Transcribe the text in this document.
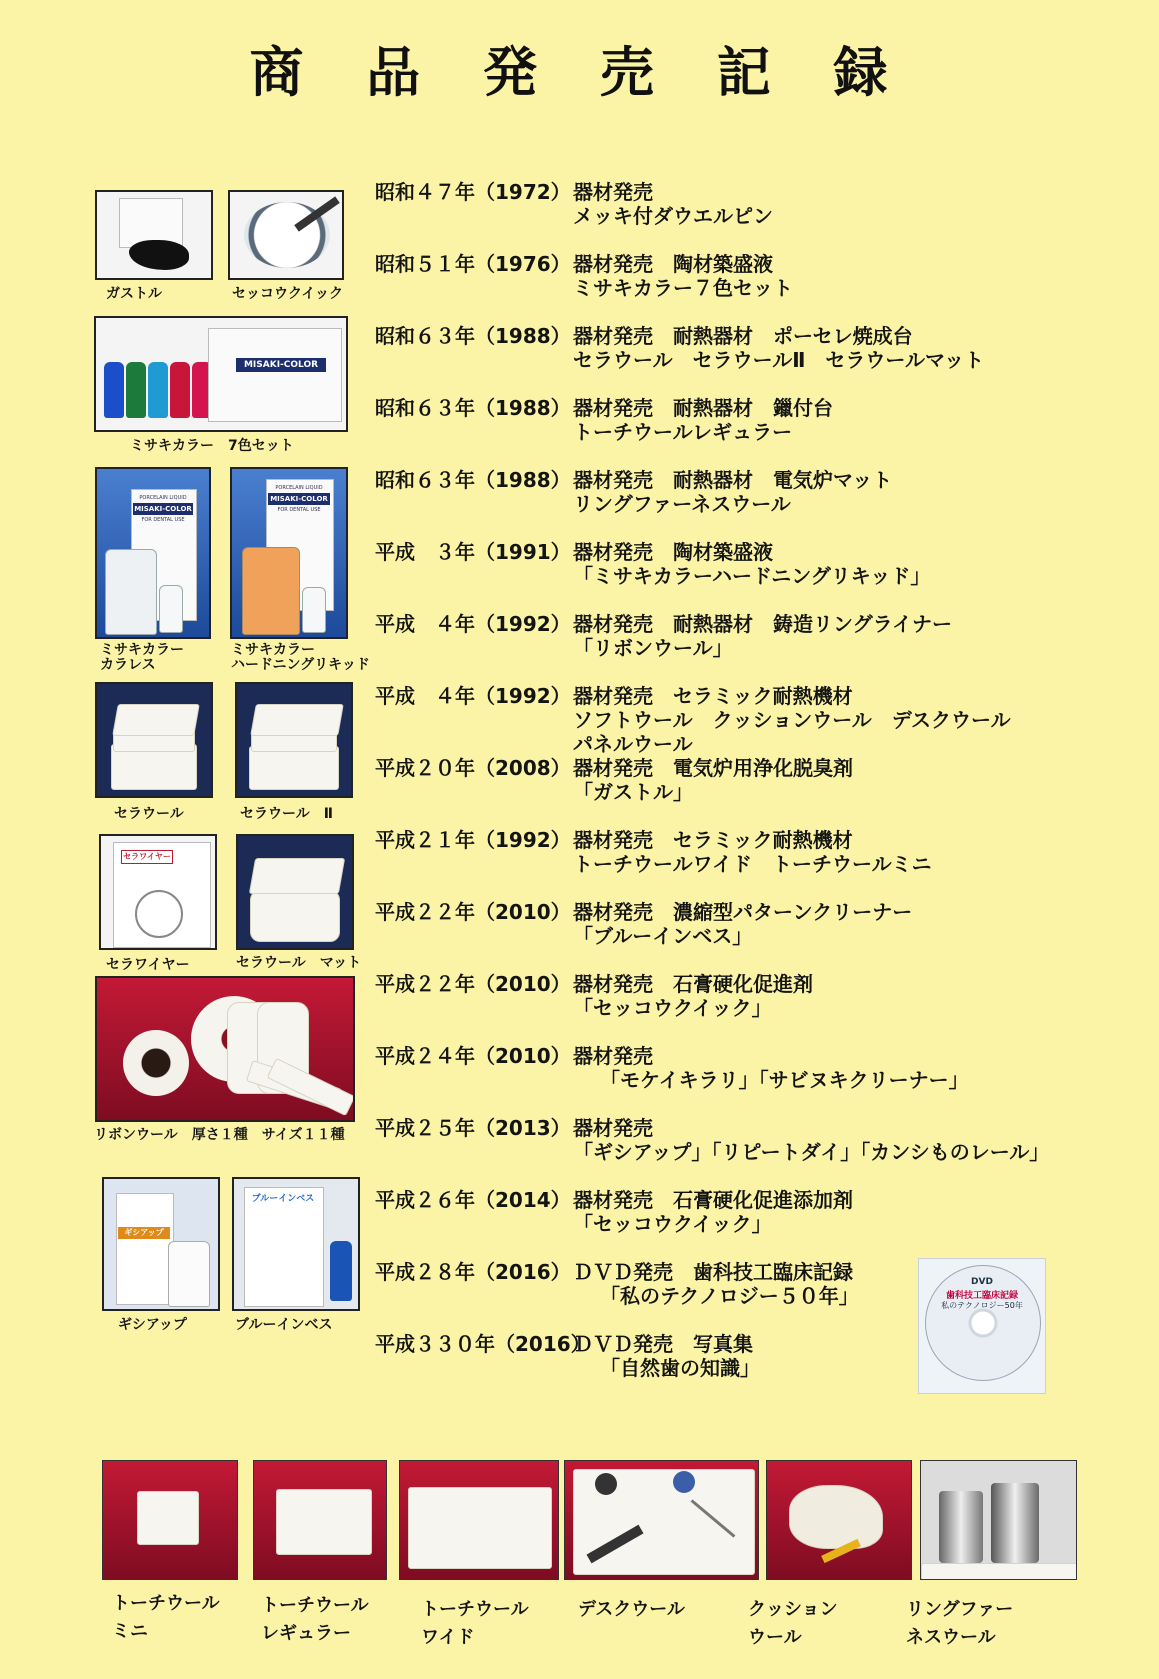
商 品 発 売 記 録
昭和４７年（1972） 器材発売
メッキ付ダウエルピン
昭和５１年（1976） 器材発売　陶材築盛液
ミサキカラー７色セット
昭和６３年（1988） 器材発売　耐熱器材　ポーセレ焼成台
セラウール　セラウールⅡ　セラウールマット
昭和６３年（1988） 器材発売　耐熱器材　鑞付台
トーチウールレギュラー
昭和６３年（1988） 器材発売　耐熱器材　電気炉マット
リングファーネスウール
平成　３年（1991） 器材発売　陶材築盛液
「ミサキカラーハードニングリキッド」
平成　４年（1992） 器材発売　耐熱器材　鋳造リングライナー
「リボンウール」
平成　４年（1992） 器材発売　セラミック耐熱機材
ソフトウール　クッションウール　デスクウール
パネルウール
平成２０年（2008） 器材発売　電気炉用浄化脱臭剤
「ガストル」
平成２１年（1992） 器材発売　セラミック耐熱機材
トーチウールワイド　トーチウールミニ
平成２２年（2010） 器材発売　濃縮型パターンクリーナー
「ブルーインベス」
平成２２年（2010） 器材発売　石膏硬化促進剤
「セッコウクイック」
平成２４年（2010） 器材発売
「モケイキラリ」「サビヌキクリーナー」
平成２５年（2013） 器材発売
「ギシアップ」「リピートダイ」「カンシものレール」
平成２６年（2014） 器材発売　石膏硬化促進添加剤
「セッコウクイック」
平成２８年（2016） ＤＶＤ発売　歯科技工臨床記録
「私のテクノロジー５０年」
平成３３０年（2016）
ＤＶＤ発売　写真集
「自然歯の知識」
ガストル	セッコウクイック
MISAKI-COLOR
ミサキカラー　7色セット
PORCELAIN LIQUID
MISAKI-COLOR
FOR DENTAL USE
ミサキカラー
カラレス
PORCELAIN LIQUID
MISAKI-COLOR
FOR DENTAL USE
ミサキカラー
ハードニングリキッド
セラウール	セラウール　Ⅱ
セラワイヤー
セラワイヤー	セラウール　マット
リボンウール　厚さ１種　サイズ１１種
ギシアップ
ギシアップ
ブルーインベス
ブルーインベス
DVD
歯科技工臨床記録
私のテクノロジー50年
トーチウール
ミニ
トーチウール
レギュラー
トーチウール
ワイド
デスクウール	クッション
ウール
リングファー
ネスウール
